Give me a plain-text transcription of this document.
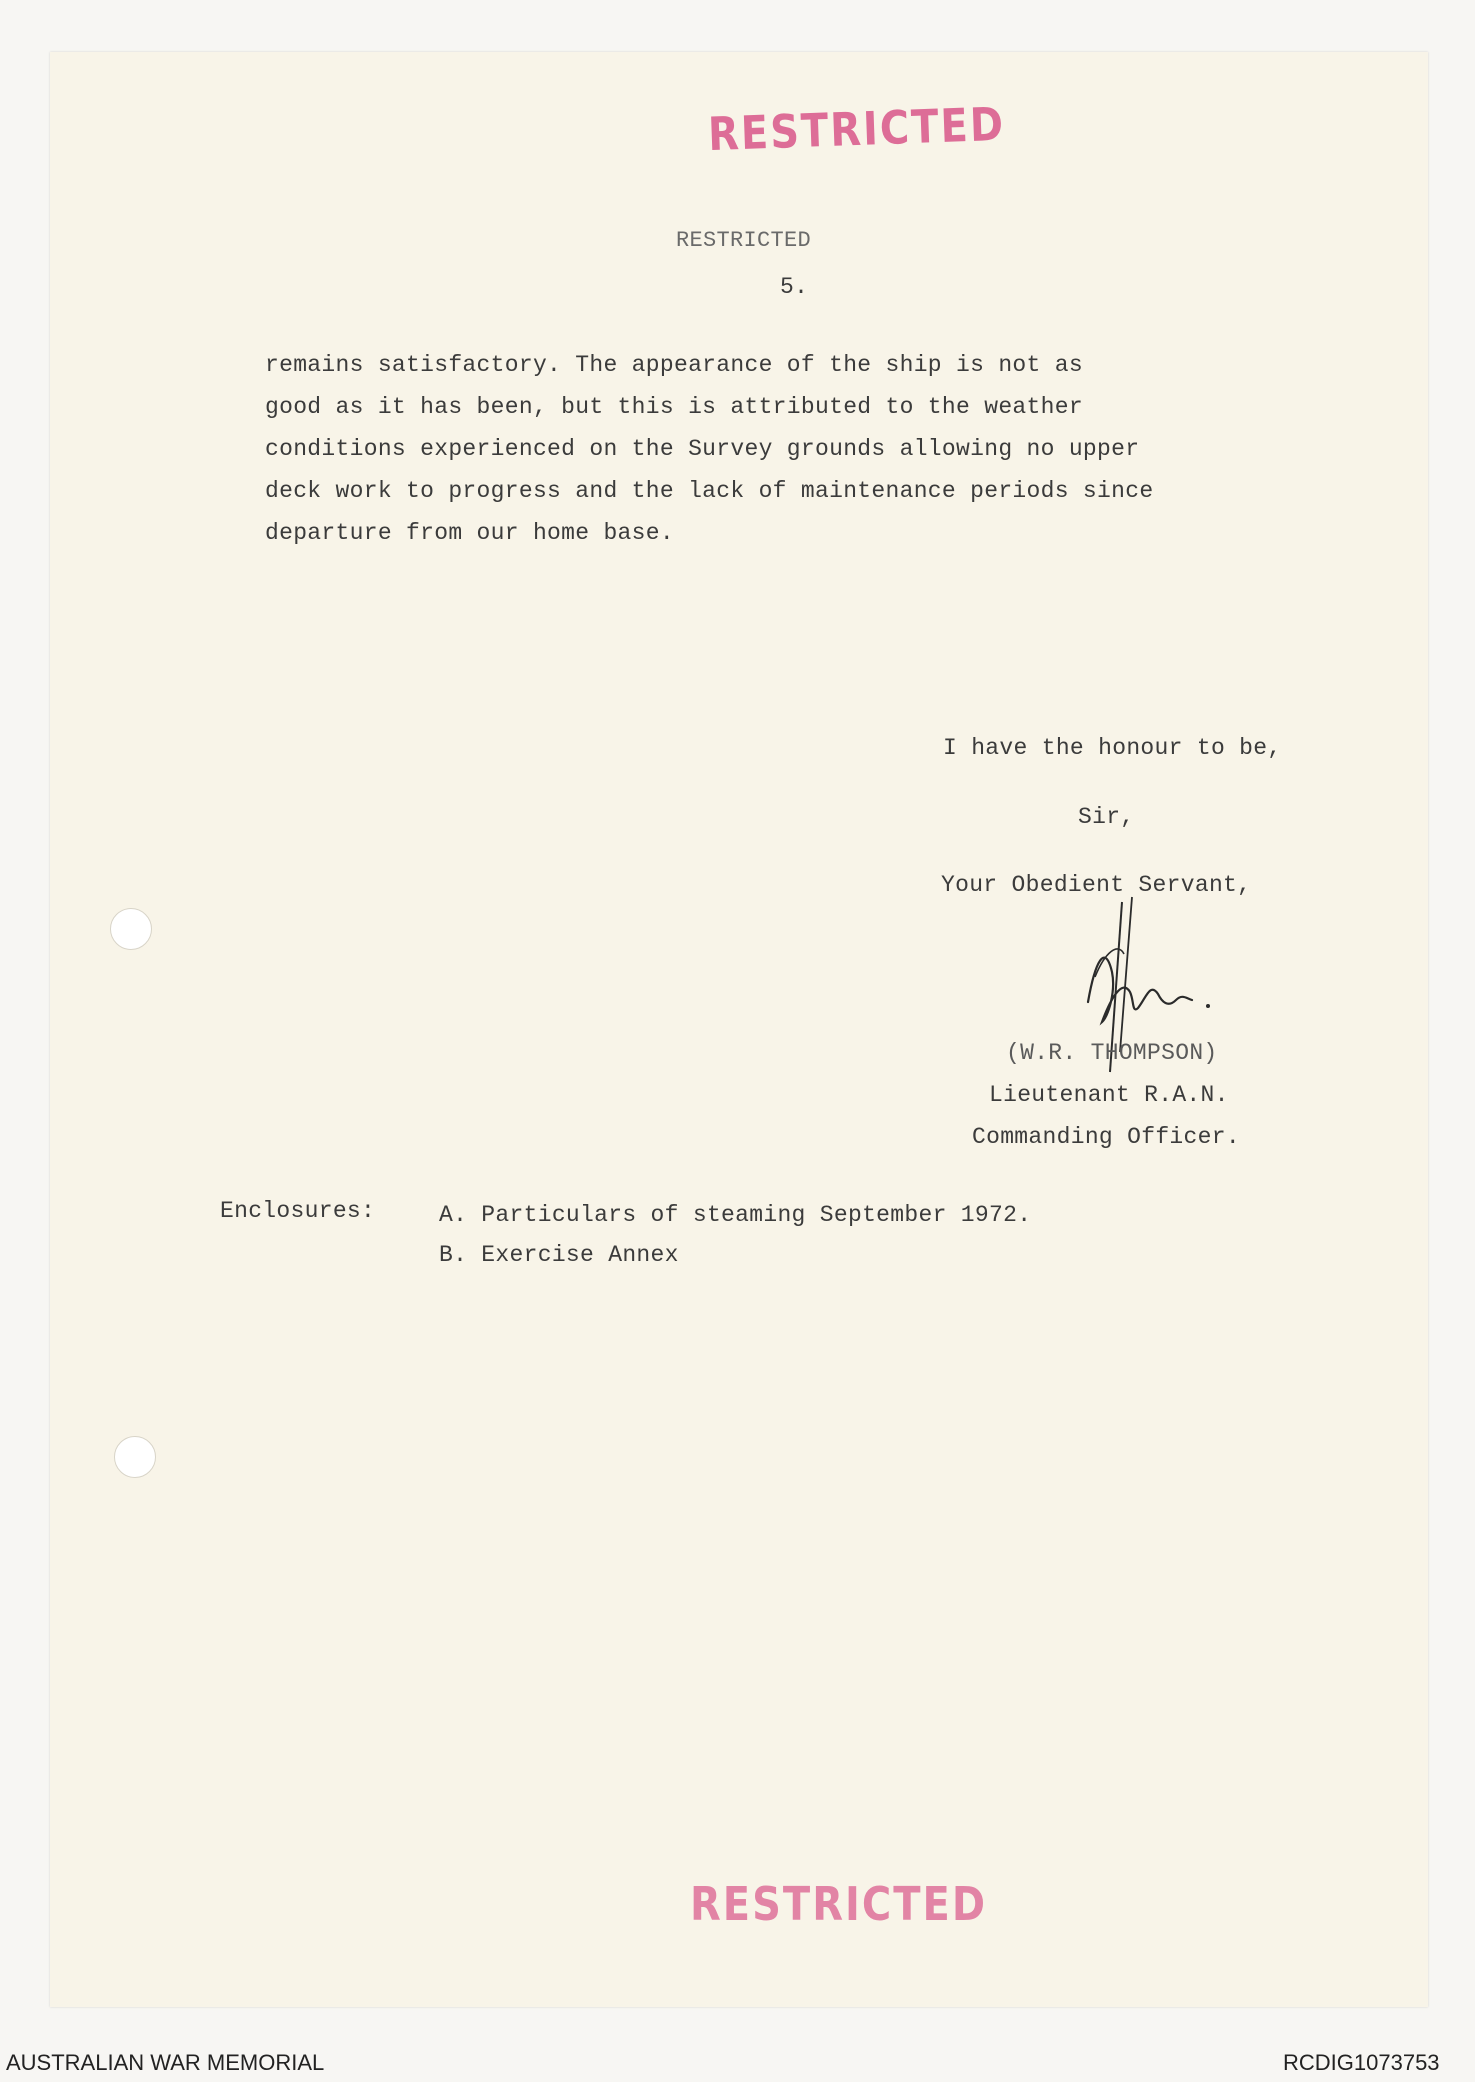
RESTRICTED
RESTRICTED
5.
remains satisfactory. The appearance of the ship is not as
good as it has been, but this is attributed to the weather
conditions experienced on the Survey grounds allowing no upper
deck work to progress and the lack of maintenance periods since
departure from our home base.
I have the honour to be,
Sir,
Your Obedient Servant,
(W.R. THOMPSON)
Lieutenant R.A.N.
Commanding Officer.
Enclosures:	A. Particulars of steaming September 1972.
B. Exercise Annex
RESTRICTED
AUSTRALIAN WAR MEMORIAL	RCDIG1073753
